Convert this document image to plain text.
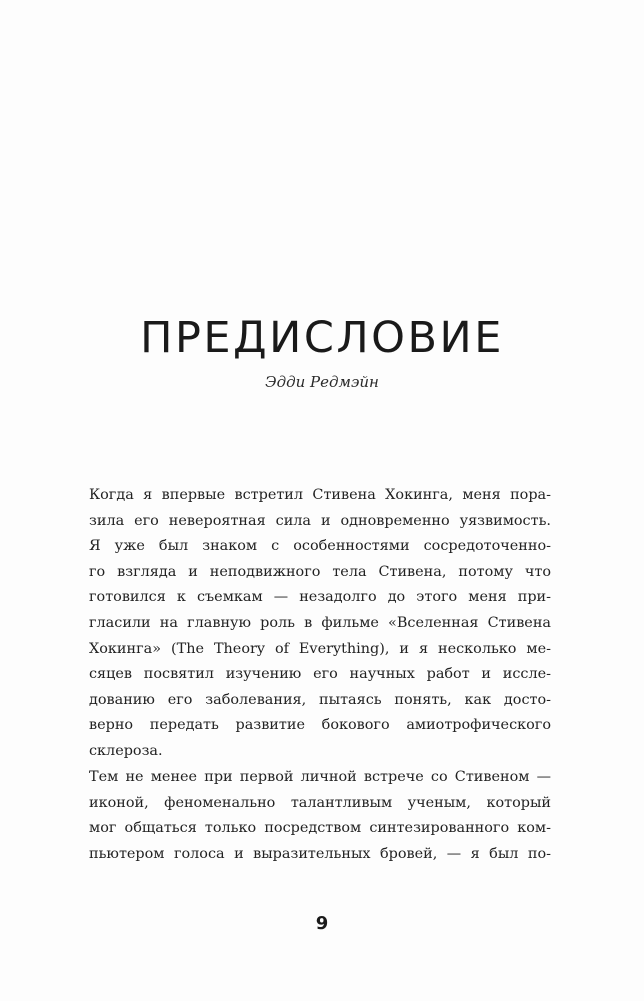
ПРЕДИСЛОВИЕ
Эдди Редмэйн
Когда я впервые встретил Стивена Хокинга, меня пора-
зила его невероятная сила и одновременно уязвимость.
Я уже был знаком с особенностями сосредоточенно-
го взгляда и неподвижного тела Стивена, потому что
готовился к съемкам — незадолго до этого меня при-
гласили на главную роль в фильме «Вселенная Стивена
Хокинга» (The Theory of Everything), и я несколько ме-
сяцев посвятил изучению его научных работ и иссле-
дованию его заболевания, пытаясь понять, как досто-
верно передать развитие бокового амиотрофического
склероза.
Тем не менее при первой личной встрече со Стивеном —
иконой, феноменально талантливым ученым, который
мог общаться только посредством синтезированного ком-
пьютером голоса и выразительных бровей, — я был по-
9
